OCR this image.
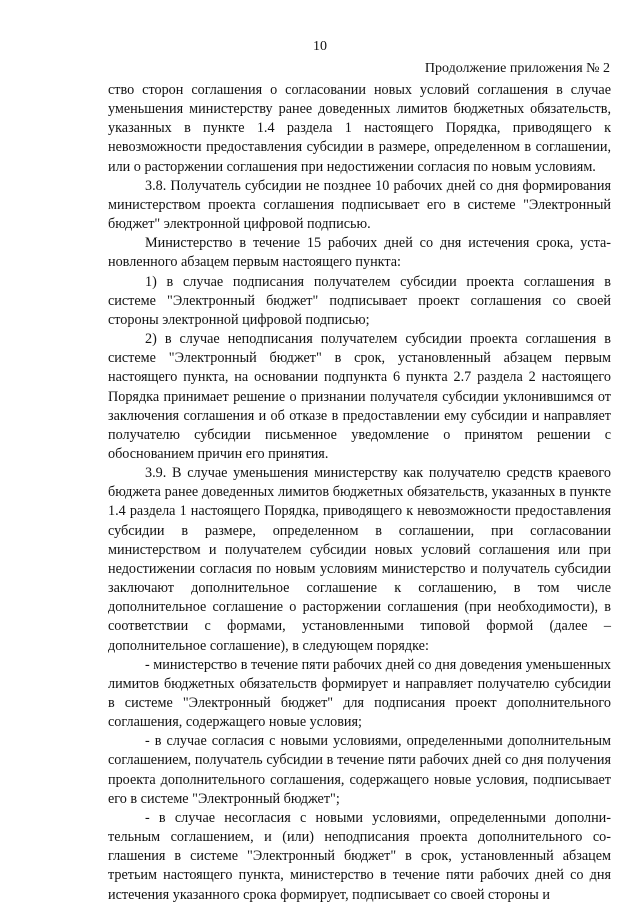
10
Продолжение приложения № 2

ство сторон соглашения о согласовании новых условий соглашения в случае уменьшения министерству ранее доведенных лимитов бюджетных обязательств, указанных в пункте 1.4 раздела 1 настоящего Порядка, приводящего к невозможности предоставления субсидии в размере, определенном в соглашении, или о расторжении соглашения при недостижении согласия по новым условиям.

3.8. Получатель субсидии не позднее 10 рабочих дней со дня формирования министерством проекта соглашения подписывает его в системе "Электронный бюджет" электронной цифровой подписью.

Министерство в течение 15 рабочих дней со дня истечения срока, установленного абзацем первым настоящего пункта:

1) в случае подписания получателем субсидии проекта соглашения в системе "Электронный бюджет" подписывает проект соглашения со своей стороны электронной цифровой подписью;

2) в случае неподписания получателем субсидии проекта соглашения в системе "Электронный бюджет" в срок, установленный абзацем первым настоящего пункта, на основании подпункта 6 пункта 2.7 раздела 2 настоящего Порядка принимает решение о признании получателя субсидии уклонившимся от заключения соглашения и об отказе в предоставлении ему субсидии и направляет получателю субсидии письменное уведомление о принятом решении с обоснованием причин его принятия.

3.9. В случае уменьшения министерству как получателю средств краевого бюджета ранее доведенных лимитов бюджетных обязательств, указанных в пункте 1.4 раздела 1 настоящего Порядка, приводящего к невозможности предоставления субсидии в размере, определенном в соглашении, при согласовании министерством и получателем субсидии новых условий соглашения или при недостижении согласия по новым условиям министерство и получатель субсидии заключают дополнительное соглашение к соглашению, в том числе дополнительное соглашение о расторжении соглашения (при необходимости), в соответствии с формами, установленными типовой формой (далее – дополнительное соглашение), в следующем порядке:

- министерство в течение пяти рабочих дней со дня доведения уменьшенных лимитов бюджетных обязательств формирует и направляет получателю субсидии в системе "Электронный бюджет" для подписания проект дополнительного соглашения, содержащего новые условия;

- в случае согласия с новыми условиями, определенными дополнительным соглашением, получатель субсидии в течение пяти рабочих дней со дня получения проекта дополнительного соглашения, содержащего новые условия, подписывает его в системе "Электронный бюджет";

- в случае несогласия с новыми условиями, определенными дополнительным соглашением, и (или) неподписания проекта дополнительного соглашения в системе "Электронный бюджет" в срок, установленный абзацем третьим настоящего пункта, министерство в течение пяти рабочих дней со дня истечения указанного срока формирует, подписывает со своей стороны и
